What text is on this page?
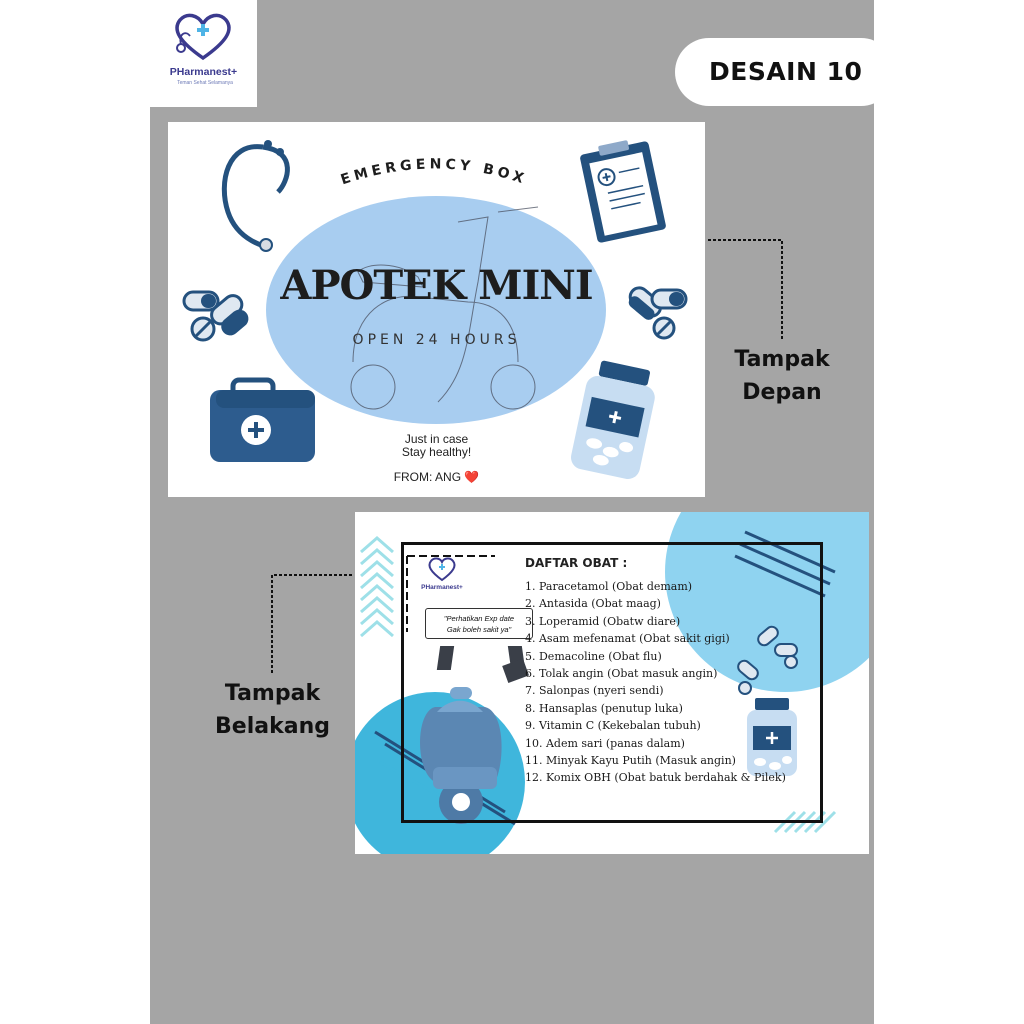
PHarmanest+
Teman Sehat Selamanya	DESAIN 10
EMERGENCY BOX
APOTEK MINI
OPEN 24 HOURS
Just in case
Stay healthy!
FROM: ANG ❤️
Tampak
Depan
Tampak
Belakang
PHarmanest+
"Perhatikan Exp date
Gak boleh sakit ya"
DAFTAR OBAT :
1. Paracetamol (Obat demam)
2. Antasida (Obat maag)
3. Loperamid (Obatw diare)
4. Asam mefenamat (Obat sakit gigi)
5. Demacoline (Obat flu)
6. Tolak angin (Obat masuk angin)
7. Salonpas (nyeri sendi)
8. Hansaplas (penutup luka)
9. Vitamin C (Kekebalan tubuh)
10. Adem sari (panas dalam)
11. Minyak Kayu Putih (Masuk angin)
12. Komix OBH (Obat batuk berdahak & Pilek)
